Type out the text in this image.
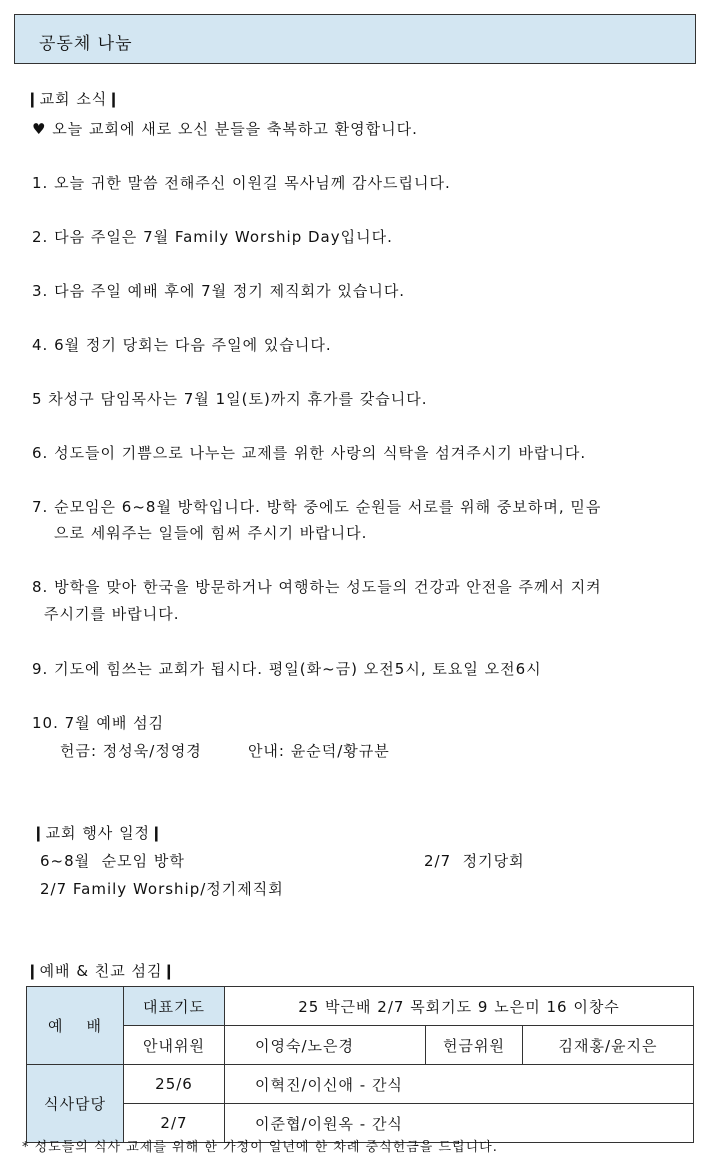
공동체 나눔
❙교회 소식❙
♥ 오늘 교회에 새로 오신 분들을 축복하고 환영합니다.
1. 오늘 귀한 말씀 전해주신 이원길 목사님께 감사드립니다.
2. 다음 주일은 7월 Family Worship Day입니다.
3. 다음 주일 예배 후에 7월 정기 제직회가 있습니다.
4. 6월 정기 당회는 다음 주일에 있습니다.
5 차성구 담임목사는 7월 1일(토)까지 휴가를 갖습니다.
6. 성도들이 기쁨으로 나누는 교제를 위한 사랑의 식탁을 섬겨주시기 바랍니다.
7. 순모임은 6~8월 방학입니다. 방학 중에도 순원들 서로를 위해 중보하며, 믿음
으로 세워주는 일들에 힘써 주시기 바랍니다.
8. 방학을 맞아 한국을 방문하거나 여행하는 성도들의 건강과 안전을 주께서 지켜
주시기를 바랍니다.
9. 기도에 힘쓰는 교회가 됩시다. 평일(화~금) 오전5시, 토요일 오전6시
10. 7월 예배 섬김
헌금: 정성욱/정영경        안내: 윤순덕/황규분
❙교회 행사 일정❙
6~8월  순모임 방학	2/7  정기당회
2/7 Family Worship/정기제직회
❙예배 & 친교 섬김❙
예    배	대표기도	25 박근배 2/7 목회기도 9 노은미 16 이창수		
	안내위원	이영숙/노은경	헌금위원	김재홍/윤지은
식사담당	25/6	이혁진/이신애 - 간식		
	2/7	이준협/이원옥 - 간식		
* 성도들의 식사 교제를 위해 한 가정이 일년에 한 차례 중식헌금을 드립니다.
